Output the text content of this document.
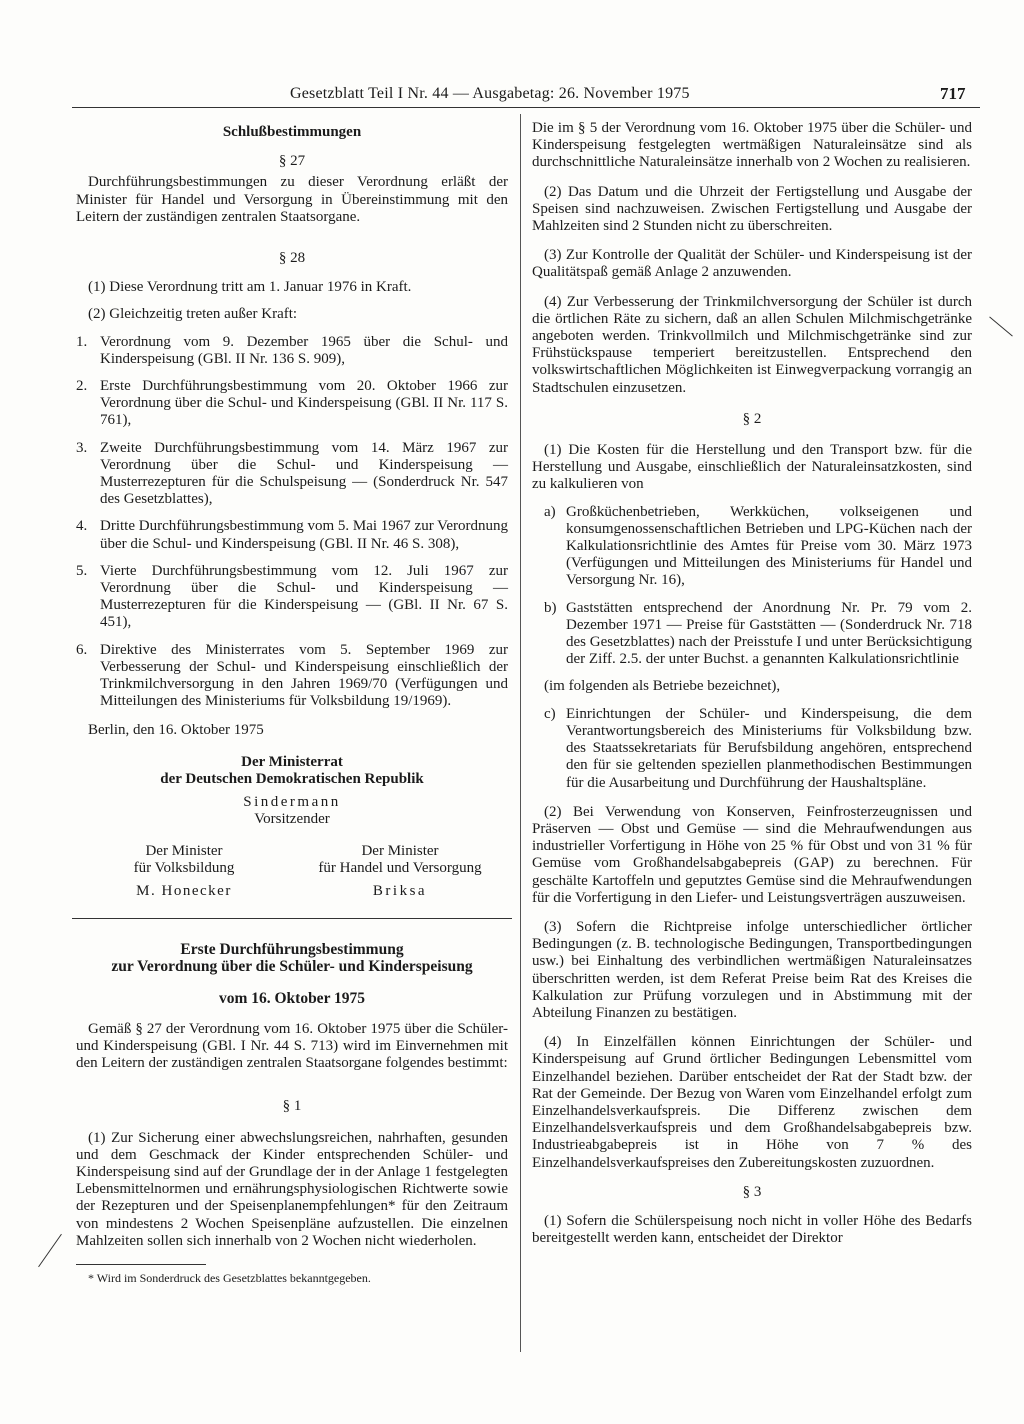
Gesetzblatt Teil I Nr. 44 — Ausgabetag: 26. November 1975	717

Schlußbestimmungen

§ 27

Durchführungsbestimmungen zu dieser Verordnung erläßt der Minister für Handel und Versorgung in Übereinstimmung mit den Leitern der zuständigen zentralen Staatsorgane.

§ 28

(1) Diese Verordnung tritt am 1. Januar 1976 in Kraft.

(2) Gleichzeitig treten außer Kraft:

1. Verordnung vom 9. Dezember 1965 über die Schul- und Kinderspeisung (GBl. II Nr. 136 S. 909),
2. Erste Durchführungsbestimmung vom 20. Oktober 1966 zur Verordnung über die Schul- und Kinderspeisung (GBl. II Nr. 117 S. 761),
3. Zweite Durchführungsbestimmung vom 14. März 1967 zur Verordnung über die Schul- und Kinderspeisung — Musterrezepturen für die Schulspeisung — (Sonderdruck Nr. 547 des Gesetzblattes),
4. Dritte Durchführungsbestimmung vom 5. Mai 1967 zur Verordnung über die Schul- und Kinderspeisung (GBl. II Nr. 46 S. 308),
5. Vierte Durchführungsbestimmung vom 12. Juli 1967 zur Verordnung über die Schul- und Kinderspeisung — Musterrezepturen für die Kinderspeisung — (GBl. II Nr. 67 S. 451),
6. Direktive des Ministerrates vom 5. September 1969 zur Verbesserung der Schul- und Kinderspeisung einschließlich der Trinkmilchversorgung in den Jahren 1969/70 (Verfügungen und Mitteilungen des Ministeriums für Volksbildung 19/1969).

Berlin, den 16. Oktober 1975

Der Ministerrat

der Deutschen Demokratischen Republik

Sindermann

Vorsitzender

Der Minister
für Volksbildung
M. Honecker
Der Minister
für Handel und Versorgung
Briksa

Erste Durchführungsbestimmung

zur Verordnung über die Schüler- und Kinderspeisung

vom 16. Oktober 1975

Gemäß § 27 der Verordnung vom 16. Oktober 1975 über die Schüler- und Kinderspeisung (GBl. I Nr. 44 S. 713) wird im Einvernehmen mit den Leitern der zuständigen zentralen Staatsorgane folgendes bestimmt:

§ 1

(1) Zur Sicherung einer abwechslungsreichen, nahrhaften, gesunden und dem Geschmack der Kinder entsprechenden Schüler- und Kinderspeisung sind auf der Grundlage der in der Anlage 1 festgelegten Lebensmittelnormen und ernährungsphysiologischen Richtwerte sowie der Rezepturen und der Speisenplanempfehlungen* für den Zeitraum von mindestens 2 Wochen Speisenpläne aufzustellen. Die einzelnen Mahlzeiten sollen sich innerhalb von 2 Wochen nicht wiederholen.

* Wird im Sonderdruck des Gesetzblattes bekanntgegeben.

Die im § 5 der Verordnung vom 16. Oktober 1975 über die Schüler- und Kinderspeisung festgelegten wertmäßigen Naturaleinsätze sind als durchschnittliche Naturaleinsätze innerhalb von 2 Wochen zu realisieren.

(2) Das Datum und die Uhrzeit der Fertigstellung und Ausgabe der Speisen sind nachzuweisen. Zwischen Fertigstellung und Ausgabe der Mahlzeiten sind 2 Stunden nicht zu überschreiten.

(3) Zur Kontrolle der Qualität der Schüler- und Kinderspeisung ist der Qualitätspaß gemäß Anlage 2 anzuwenden.

(4) Zur Verbesserung der Trinkmilchversorgung der Schüler ist durch die örtlichen Räte zu sichern, daß an allen Schulen Milchmischgetränke angeboten werden. Trinkvollmilch und Milchmischgetränke sind zur Frühstückspause temperiert bereitzustellen. Entsprechend den volkswirtschaftlichen Möglichkeiten ist Einwegverpackung vorrangig an Stadtschulen einzusetzen.

§ 2

(1) Die Kosten für die Herstellung und den Transport bzw. für die Herstellung und Ausgabe, einschließlich der Naturaleinsatzkosten, sind zu kalkulieren von

a) Großküchenbetrieben, Werkküchen, volkseigenen und konsumgenossenschaftlichen Betrieben und LPG-Küchen nach der Kalkulationsrichtlinie des Amtes für Preise vom 30. März 1973 (Verfügungen und Mitteilungen des Ministeriums für Handel und Versorgung Nr. 16),
b) Gaststätten entsprechend der Anordnung Nr. Pr. 79 vom 2. Dezember 1971 — Preise für Gaststätten — (Sonderdruck Nr. 718 des Gesetzblattes) nach der Preisstufe I und unter Berücksichtigung der Ziff. 2.5. der unter Buchst. a genannten Kalkulationsrichtlinie

(im folgenden als Betriebe bezeichnet),

c) Einrichtungen der Schüler- und Kinderspeisung, die dem Verantwortungsbereich des Ministeriums für Volksbildung bzw. des Staatssekretariats für Berufsbildung angehören, entsprechend den für sie geltenden speziellen planmethodischen Bestimmungen für die Ausarbeitung und Durchführung der Haushaltspläne.

(2) Bei Verwendung von Konserven, Feinfrosterzeugnissen und Präserven — Obst und Gemüse — sind die Mehraufwendungen aus industrieller Vorfertigung in Höhe von 25 % für Obst und von 31 % für Gemüse vom Großhandelsabgabepreis (GAP) zu berechnen. Für geschälte Kartoffeln und geputztes Gemüse sind die Mehraufwendungen für die Vorfertigung in den Liefer- und Leistungsverträgen auszuweisen.

(3) Sofern die Richtpreise infolge unterschiedlicher örtlicher Bedingungen (z. B. technologische Bedingungen, Transportbedingungen usw.) bei Einhaltung des verbindlichen wertmäßigen Naturaleinsatzes überschritten werden, ist dem Referat Preise beim Rat des Kreises die Kalkulation zur Prüfung vorzulegen und in Abstimmung mit der Abteilung Finanzen zu bestätigen.

(4) In Einzelfällen können Einrichtungen der Schüler- und Kinderspeisung auf Grund örtlicher Bedingungen Lebensmittel vom Einzelhandel beziehen. Darüber entscheidet der Rat der Stadt bzw. der Rat der Gemeinde. Der Bezug von Waren vom Einzelhandel erfolgt zum Einzelhandelsverkaufspreis. Die Differenz zwischen dem Einzelhandelsverkaufspreis und dem Großhandelsabgabepreis bzw. Industrieabgabepreis ist in Höhe von 7 % des Einzelhandelsverkaufspreises den Zubereitungskosten zuzuordnen.

§ 3

(1) Sofern die Schülerspeisung noch nicht in voller Höhe des Bedarfs bereitgestellt werden kann, entscheidet der Direktor
